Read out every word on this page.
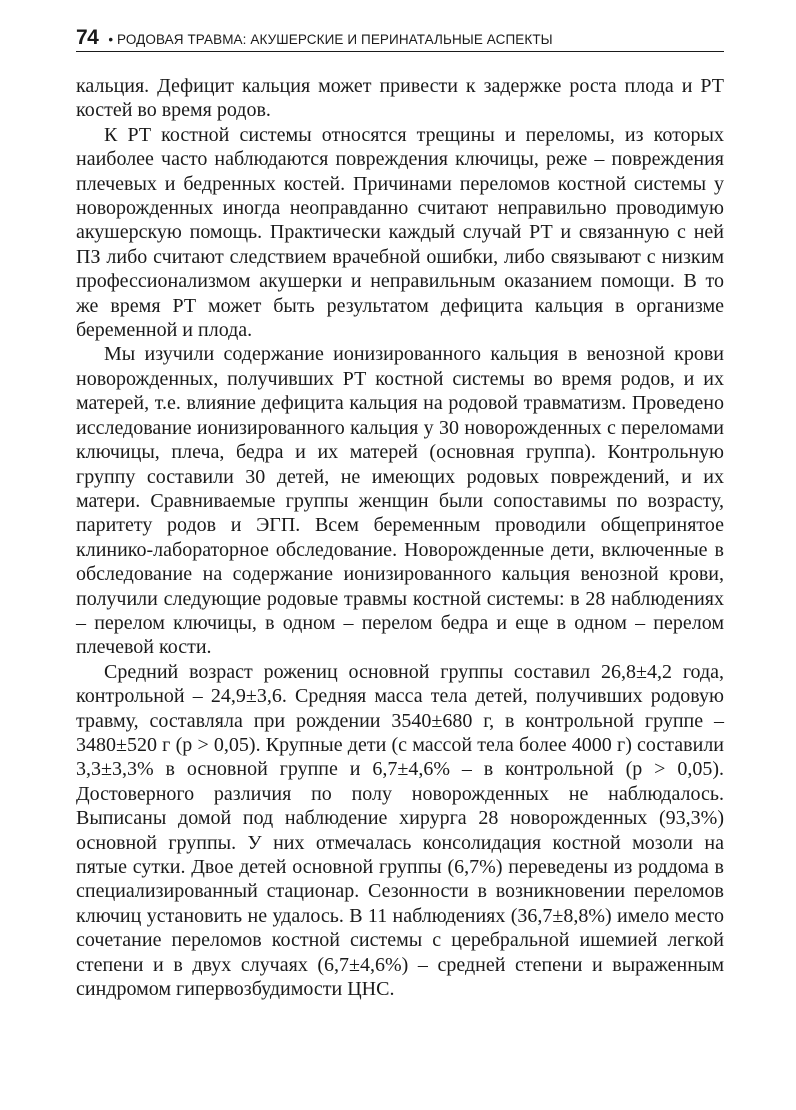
74 • РОДОВАЯ ТРАВМА: АКУШЕРСКИЕ И ПЕРИНАТАЛЬНЫЕ АСПЕКТЫ

кальция. Дефицит кальция может привести к задержке роста плода и РТ костей во время родов.

К РТ костной системы относятся трещины и переломы, из которых наиболее часто наблюдаются повреждения ключицы, реже – повреждения плечевых и бедренных костей. Причинами переломов костной системы у новорожденных иногда неоправданно считают неправильно проводимую акушерскую помощь. Практически каждый случай РТ и связанную с ней ПЗ либо считают следствием врачебной ошибки, либо связывают с низким профессионализмом акушерки и неправильным оказанием помощи. В то же время РТ может быть результатом дефицита кальция в организме беременной и плода.

Мы изучили содержание ионизированного кальция в венозной крови новорожденных, получивших РТ костной системы во время родов, и их матерей, т.е. влияние дефицита кальция на родовой травматизм. Проведено исследование ионизированного кальция у 30 новорожденных с переломами ключицы, плеча, бедра и их матерей (основная группа). Контрольную группу составили 30 детей, не имеющих родовых повреждений, и их матери. Сравниваемые группы женщин были сопоставимы по возрасту, паритету родов и ЭГП. Всем беременным проводили общепринятое клинико-лабораторное обследование. Новорожденные дети, включенные в обследование на содержание ионизированного кальция венозной крови, получили следующие родовые травмы костной системы: в 28 наблюдениях – перелом ключицы, в одном – перелом бедра и еще в одном – перелом плечевой кости.

Средний возраст рожениц основной группы составил 26,8±4,2 года, контрольной – 24,9±3,6. Средняя масса тела детей, получивших родовую травму, составляла при рождении 3540±680 г, в контрольной группе – 3480±520 г (p > 0,05). Крупные дети (с массой тела более 4000 г) составили 3,3±3,3% в основной группе и 6,7±4,6% – в контрольной (p > 0,05). Достоверного различия по полу новорожденных не наблюдалось. Выписаны домой под наблюдение хирурга 28 новорожденных (93,3%) основной группы. У них отмечалась консолидация костной мозоли на пятые сутки. Двое детей основной группы (6,7%) переведены из роддома в специализированный стационар. Сезонности в возникновении переломов ключиц установить не удалось. В 11 наблюдениях (36,7±8,8%) имело место сочетание переломов костной системы с церебральной ишемией легкой степени и в двух случаях (6,7±4,6%) – средней степени и выраженным синдромом гипервозбудимости ЦНС.
